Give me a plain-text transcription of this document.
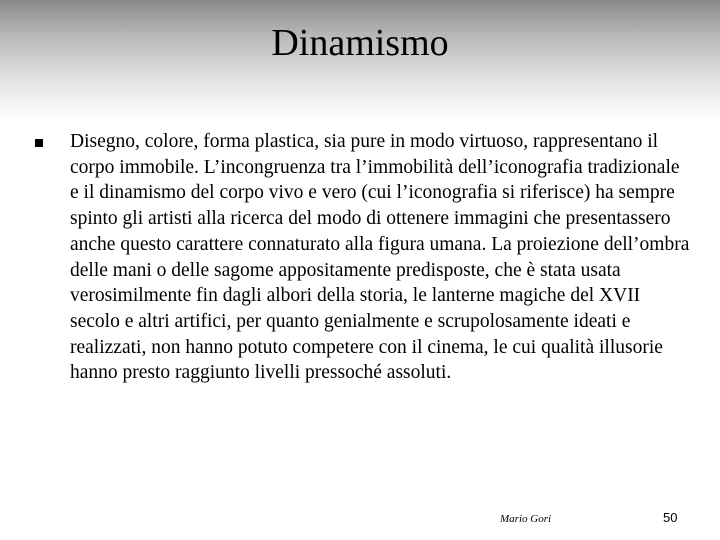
Dinamismo

Disegno, colore, forma plastica, sia pure in modo virtuoso, rappresentano il corpo immobile. L’incongruenza tra l’immobilità dell’iconografia tradizionale e il dinamismo del corpo vivo e vero (cui l’iconografia si riferisce) ha sempre spinto gli artisti alla ricerca del modo di ottenere immagini che presentassero anche questo carattere connaturato alla figura umana. La proiezione dell’ombra delle mani o delle sagome appositamente predisposte, che è stata usata verosimilmente fin dagli albori della storia, le lanterne magiche del XVII secolo e altri artifici, per quanto genialmente e scrupolosamente ideati e realizzati, non hanno potuto competere con il cinema, le cui qualità illusorie hanno presto raggiunto livelli pressoché assoluti.

Mario Gori	50
